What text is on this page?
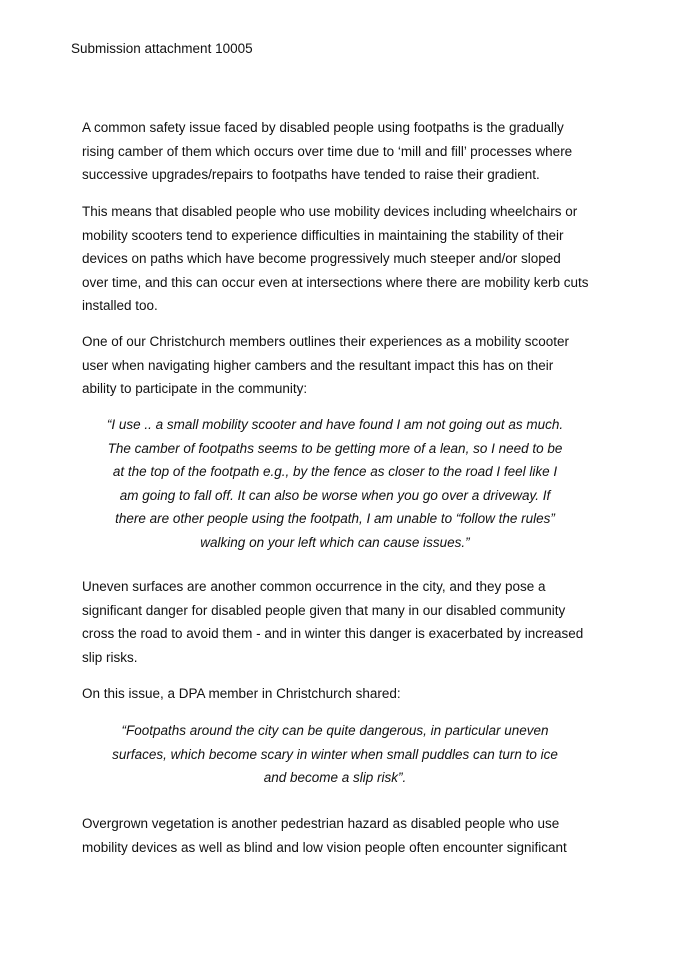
Submission attachment 10005
A common safety issue faced by disabled people using footpaths is the gradually
rising camber of them which occurs over time due to ‘mill and fill’ processes where
successive upgrades/repairs to footpaths have tended to raise their gradient.
This means that disabled people who use mobility devices including wheelchairs or
mobility scooters tend to experience difficulties in maintaining the stability of their
devices on paths which have become progressively much steeper and/or sloped
over time, and this can occur even at intersections where there are mobility kerb cuts
installed too.
One of our Christchurch members outlines their experiences as a mobility scooter
user when navigating higher cambers and the resultant impact this has on their
ability to participate in the community:
“I use .. a small mobility scooter and have found I am not going out as much.
The camber of footpaths seems to be getting more of a lean, so I need to be
at the top of the footpath e.g., by the fence as closer to the road I feel like I
am going to fall off. It can also be worse when you go over a driveway. If
there are other people using the footpath, I am unable to “follow the rules”
walking on your left which can cause issues.”
Uneven surfaces are another common occurrence in the city, and they pose a
significant danger for disabled people given that many in our disabled community
cross the road to avoid them - and in winter this danger is exacerbated by increased
slip risks.
On this issue, a DPA member in Christchurch shared:
“Footpaths around the city can be quite dangerous, in particular uneven
surfaces, which become scary in winter when small puddles can turn to ice
and become a slip risk”.
Overgrown vegetation is another pedestrian hazard as disabled people who use
mobility devices as well as blind and low vision people often encounter significant
